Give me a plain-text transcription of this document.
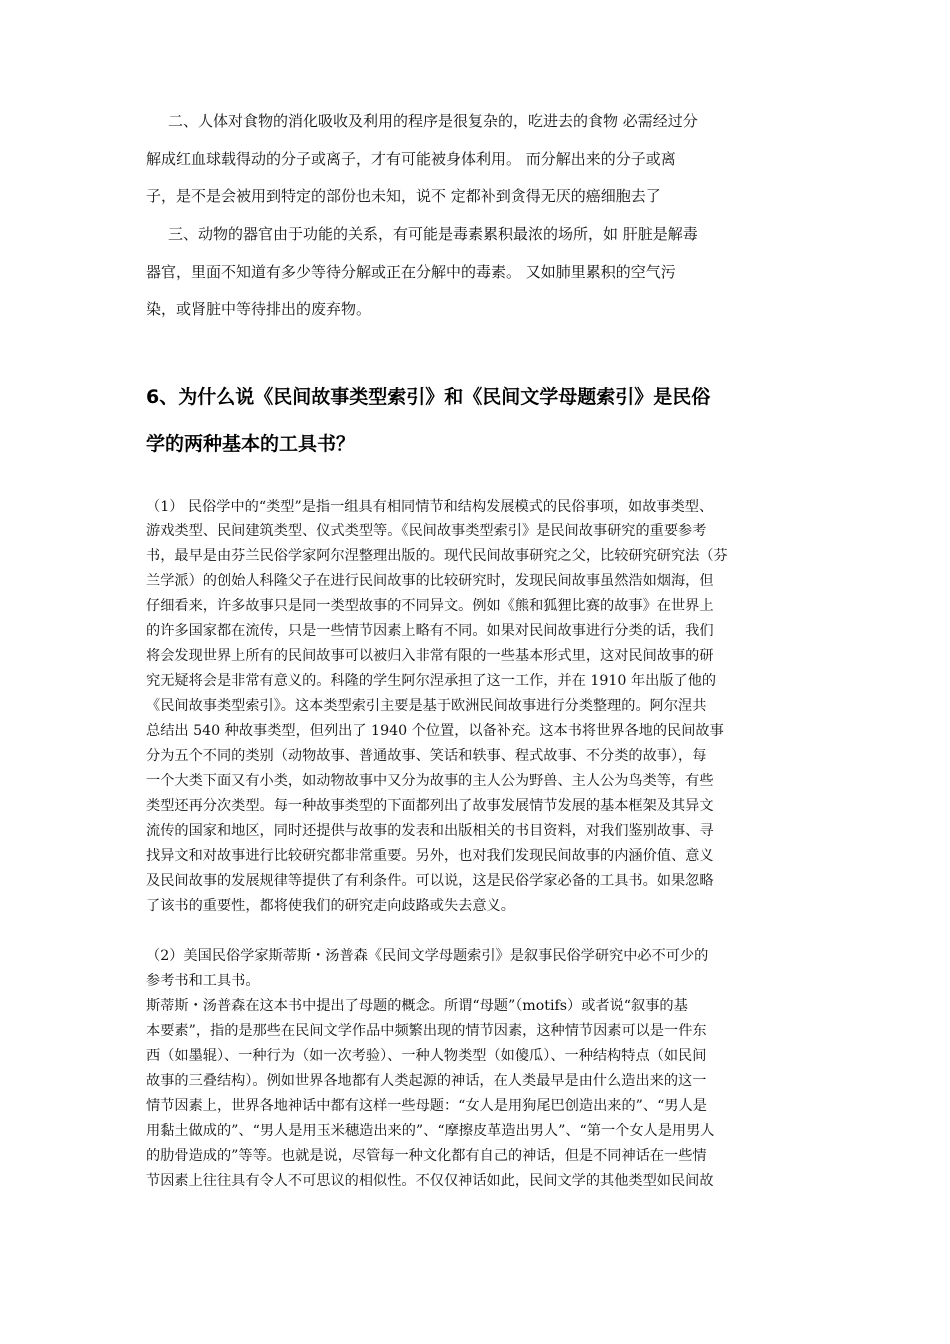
二、人体对食物的消化吸收及利用的程序是很复杂的，吃进去的食物 必需经过分
解成红血球载得动的分子或离子，才有可能被身体利用。 而分解出来的分子或离
子，是不是会被用到特定的部份也未知，说不 定都补到贪得无厌的癌细胞去了
三、动物的器官由于功能的关系，有可能是毒素累积最浓的场所，如 肝脏是解毒
器官，里面不知道有多少等待分解或正在分解中的毒素。 又如肺里累积的空气污
染，或肾脏中等待排出的废弃物。
6、为什么说《民间故事类型索引》和《民间文学母题索引》是民俗
学的两种基本的工具书？
（1） 民俗学中的“类型”是指一组具有相同情节和结构发展模式的民俗事项，如故事类型、
游戏类型、民间建筑类型、仪式类型等。《民间故事类型索引》是民间故事研究的重要参考
书，最早是由芬兰民俗学家阿尔涅整理出版的。现代民间故事研究之父，比较研究研究法（芬
兰学派）的创始人科隆父子在进行民间故事的比较研究时，发现民间故事虽然浩如烟海，但
仔细看来，许多故事只是同一类型故事的不同异文。例如《熊和狐狸比赛的故事》在世界上
的许多国家都在流传，只是一些情节因素上略有不同。如果对民间故事进行分类的话，我们
将会发现世界上所有的民间故事可以被归入非常有限的一些基本形式里，这对民间故事的研
究无疑将会是非常有意义的。科隆的学生阿尔涅承担了这一工作，并在 1910 年出版了他的
《民间故事类型索引》。这本类型索引主要是基于欧洲民间故事进行分类整理的。阿尔涅共
总结出 540 种故事类型，但列出了 1940 个位置，以备补充。这本书将世界各地的民间故事
分为五个不同的类别（动物故事、普通故事、笑话和轶事、程式故事、不分类的故事），每
一个大类下面又有小类，如动物故事中又分为故事的主人公为野兽、主人公为鸟类等，有些
类型还再分次类型。每一种故事类型的下面都列出了故事发展情节发展的基本框架及其异文
流传的国家和地区，同时还提供与故事的发表和出版相关的书目资料，对我们鉴别故事、寻
找异文和对故事进行比较研究都非常重要。另外，也对我们发现民间故事的内涵价值、意义
及民间故事的发展规律等提供了有利条件。可以说，这是民俗学家必备的工具书。如果忽略
了该书的重要性，都将使我们的研究走向歧路或失去意义。
（2）美国民俗学家斯蒂斯・汤普森《民间文学母题索引》是叙事民俗学研究中必不可少的
参考书和工具书。
斯蒂斯・汤普森在这本书中提出了母题的概念。所谓“母题”（motifs）或者说“叙事的基
本要素”，指的是那些在民间文学作品中频繁出现的情节因素，这种情节因素可以是一件东
西（如墨辊）、一种行为（如一次考验）、一种人物类型（如傻瓜）、一种结构特点（如民间
故事的三叠结构）。例如世界各地都有人类起源的神话，在人类最早是由什么造出来的这一
情节因素上，世界各地神话中都有这样一些母题：“女人是用狗尾巴创造出来的”、“男人是
用黏土做成的”、“男人是用玉米穗造出来的”、“摩擦皮革造出男人”、“第一个女人是用男人
的肋骨造成的”等等。也就是说，尽管每一种文化都有自己的神话，但是不同神话在一些情
节因素上往往具有令人不可思议的相似性。不仅仅神话如此，民间文学的其他类型如民间故
